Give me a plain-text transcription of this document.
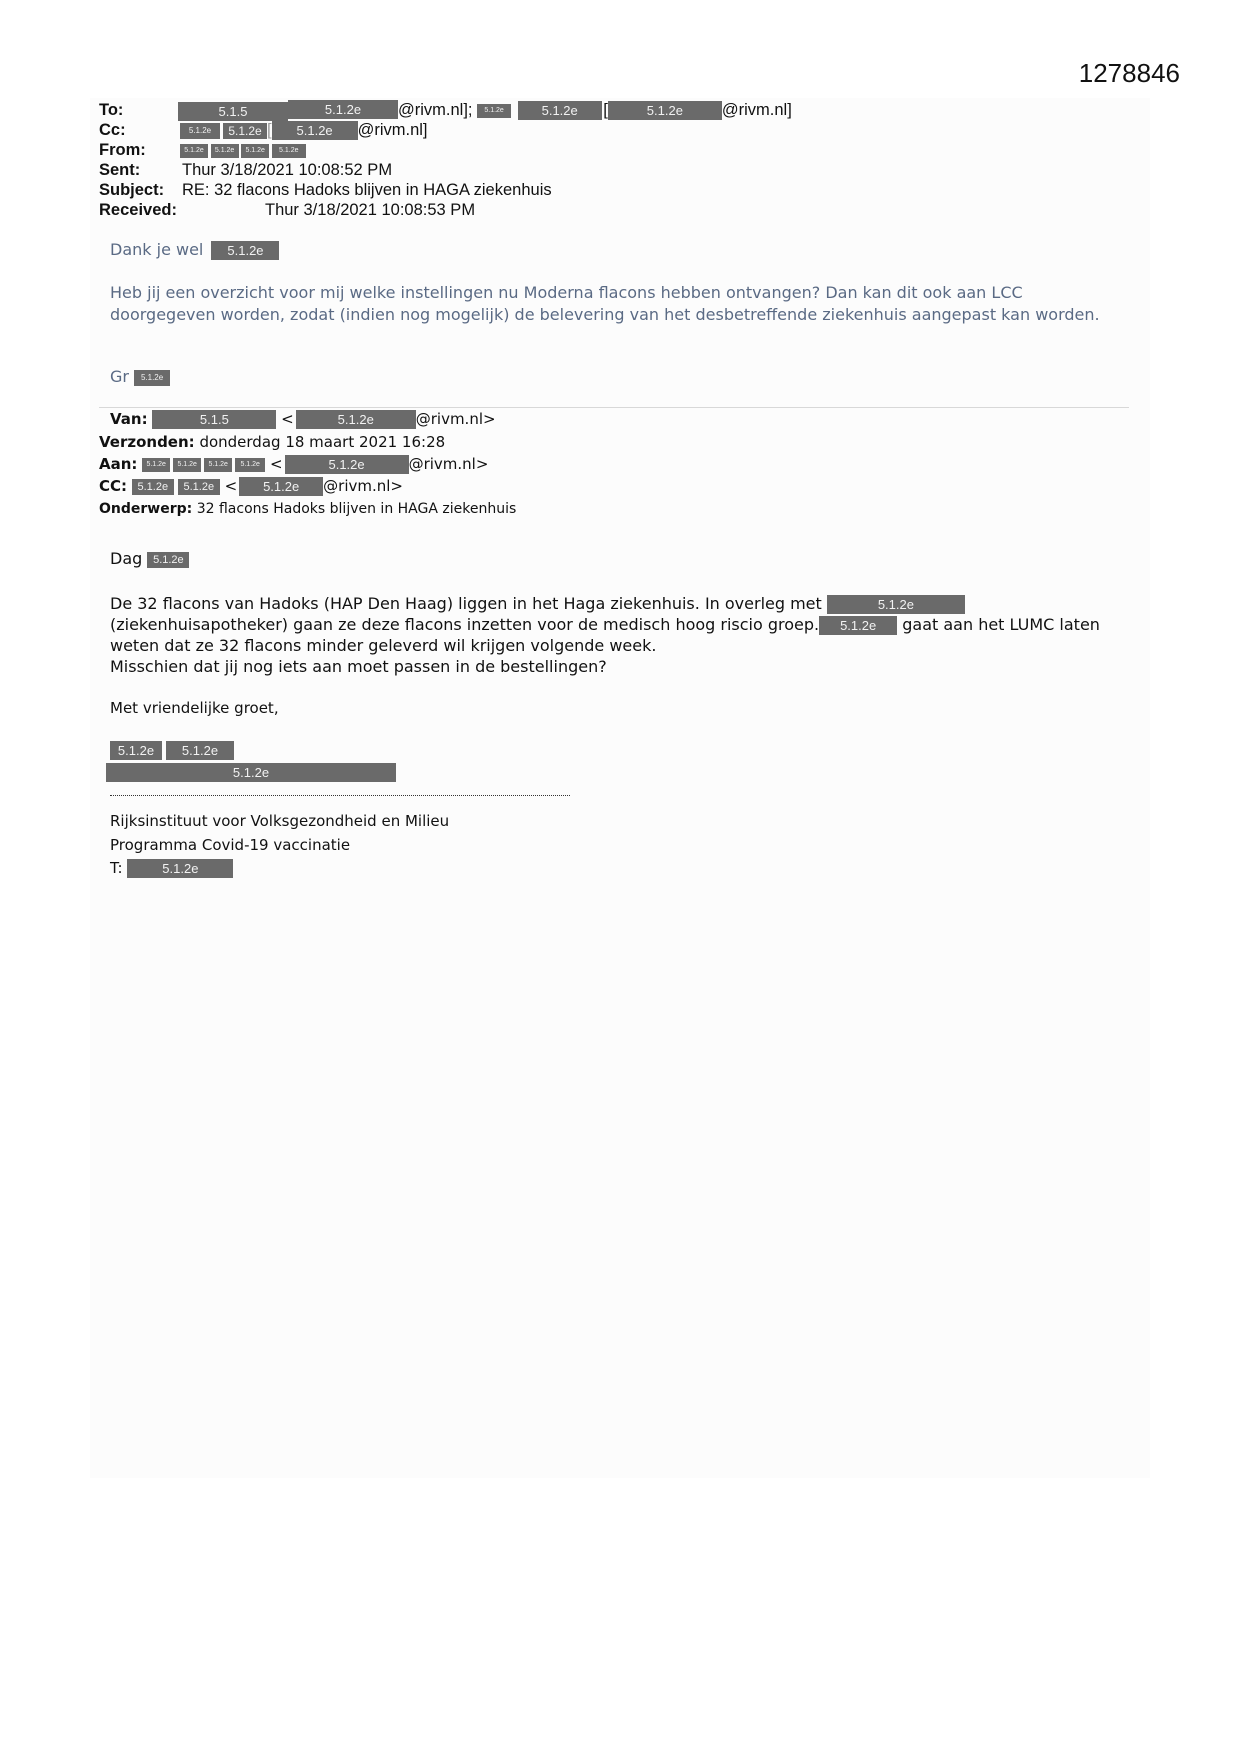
1278846
To:	5.1.5	5.1.2e @rivm.nl]; 5.1.2e	5.1.2e [	5.1.2e @rivm.nl]
Cc:	5.1.2e 5.1.2e [ 5.1.2e @rivm.nl]
From:	5.1.2e 5.1.2e 5.1.2e 5.1.2e
Sent:	Thur 3/18/2021 10:08:52 PM
Subject: RE: 32 flacons Hadoks blijven in HAGA ziekenhuis
Received:	Thur 3/18/2021 10:08:53 PM
Dank je wel 5.1.2e
Heb jij een overzicht voor mij welke instellingen nu Moderna flacons hebben ontvangen? Dan kan dit ook aan LCC doorgegeven worden, zodat (indien nog mogelijk) de belevering van het desbetreffende ziekenhuis aangepast kan worden.
Gr 5.1.2e
Van:	5.1.5	<	5.1.2e	@rivm.nl>
Verzonden: donderdag 18 maart 2021 16:28
Aan: 5.1.2e 5.1.2e 5.1.2e 5.1.2e <	5.1.2e	@rivm.nl>
CC: 5.1.2e 5.1.2e < 5.1.2e @rivm.nl>
Onderwerp: 32 flacons Hadoks blijven in HAGA ziekenhuis
Dag 5.1.2e
De 32 flacons van Hadoks (HAP Den Haag) liggen in het Haga ziekenhuis. In overleg met	5.1.2e (ziekenhuisapotheker) gaan ze deze flacons inzetten voor de medisch hoog riscio groep. 5.1.2e gaat aan het LUMC laten weten dat ze 32 flacons minder geleverd wil krijgen volgende week.
Misschien dat jij nog iets aan moet passen in de bestellingen?
Met vriendelijke groet,
5.1.2e 5.1.2e
5.1.2e
Rijksinstituut voor Volksgezondheid en Milieu
Programma Covid-19 vaccinatie
T:	5.1.2e
